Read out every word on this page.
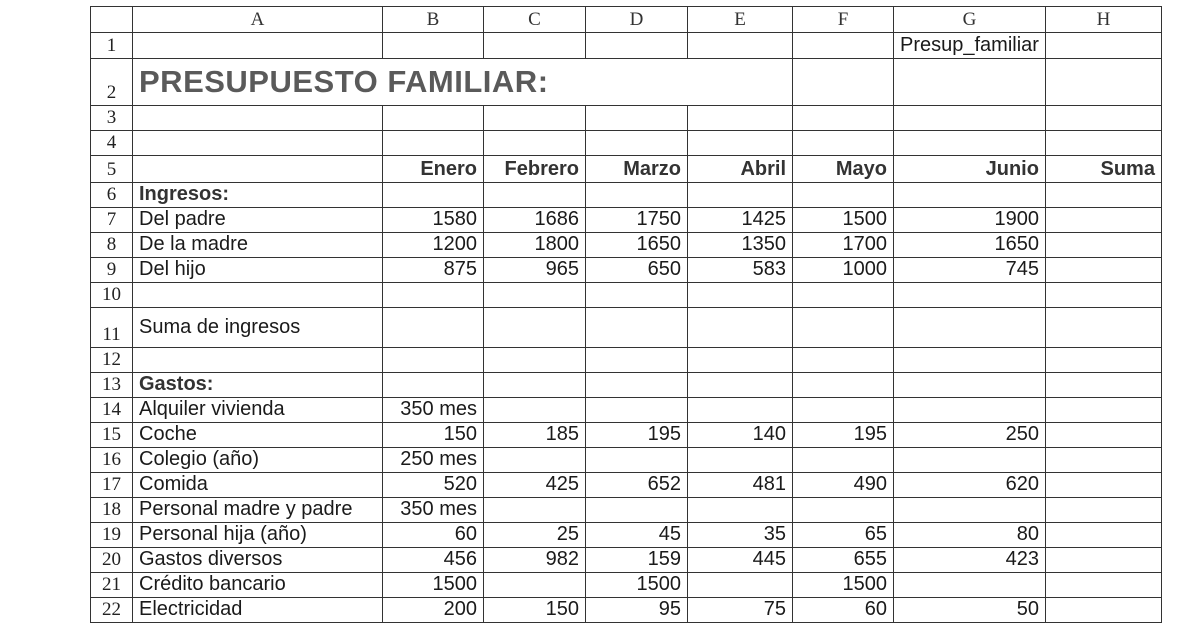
	A	B	C	D	E	F	G	H
1							Presup_familiar	
2	PRESUPUESTO FAMILIAR:							
3								
4								
5		Enero	Febrero	Marzo	Abril	Mayo	Junio	Suma
6	Ingresos:							
7	Del padre	1580	1686	1750	1425	1500	1900	
8	De la madre	1200	1800	1650	1350	1700	1650	
9	Del hijo	875	965	650	583	1000	745	
10								
11	Suma de ingresos							
12								
13	Gastos:							
14	Alquiler vivienda	350 mes						
15	Coche	150	185	195	140	195	250	
16	Colegio (año)	250 mes						
17	Comida	520	425	652	481	490	620	
18	Personal madre y padre	350 mes						
19	Personal hija (año)	60	25	45	35	65	80	
20	Gastos diversos	456	982	159	445	655	423	
21	Crédito bancario	1500		1500		1500		
22	Electricidad	200	150	95	75	60	50	
